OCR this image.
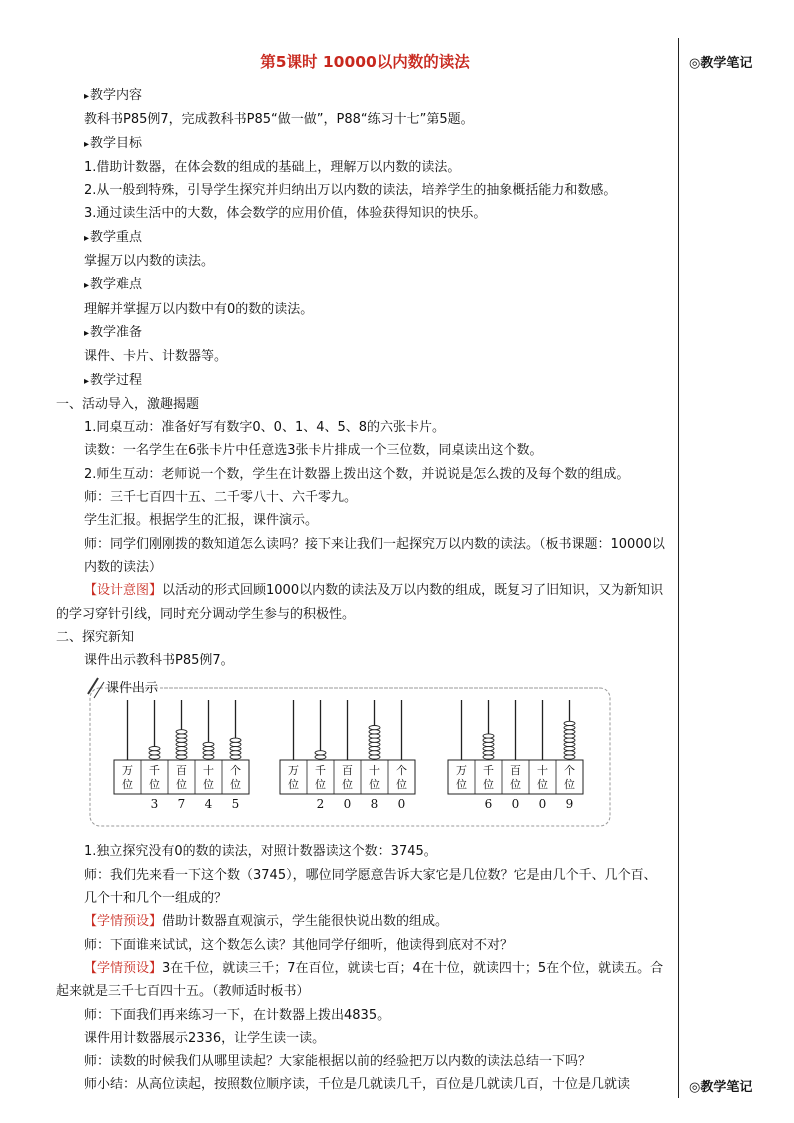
第5课时 10000以内数的读法	◎教学笔记
◎教学笔记

▸ 教学内容

教科书P85例7，完成教科书P85“做一做”，P88“练习十七”第5题。

▸ 教学目标

1.借助计数器，在体会数的组成的基础上，理解万以内数的读法。

2.从一般到特殊，引导学生探究并归纳出万以内数的读法，培养学生的抽象概括能力和数感。

3.通过读生活中的大数，体会数学的应用价值，体验获得知识的快乐。

▸ 教学重点

掌握万以内数的读法。

▸ 教学难点

理解并掌握万以内数中有0的数的读法。

▸ 教学准备

课件、卡片、计数器等。

▸ 教学过程

一、活动导入，激趣揭题

1.同桌互动：准备好写有数字0、0、1、4、5、8的六张卡片。

读数：一名学生在6张卡片中任意选3张卡片排成一个三位数，同桌读出这个数。

2.师生互动：老师说一个数，学生在计数器上拨出这个数，并说说是怎么拨的及每个数的组成。

师：三千七百四十五、二千零八十、六千零九。

学生汇报。根据学生的汇报，课件演示。

师：同学们刚刚拨的数知道怎么读吗？接下来让我们一起探究万以内数的读法。（板书课题：10000以内数的读法）

【设计意图】以活动的形式回顾1000以内数的读法及万以内数的组成，既复习了旧知识，又为新知识的学习穿针引线，同时充分调动学生参与的积极性。

二、探究新知

课件出示教科书P85例7。

课件出示
万
位
千
位
3
百
位
7
十
位
4
个
位
5
万
位
千
位
2
百
位
0
十
位
8
个
位
0
万
位
千
位
6
百
位
0
十
位
0
个
位
9

1.独立探究没有0的数的读法，对照计数器读这个数：3745。

师：我们先来看一下这个数（3745），哪位同学愿意告诉大家它是几位数？它是由几个千、几个百、几个十和几个一组成的？

【学情预设】借助计数器直观演示，学生能很快说出数的组成。

师：下面谁来试试，这个数怎么读？其他同学仔细听，他读得到底对不对？

【学情预设】3在千位，就读三千；7在百位，就读七百；4在十位，就读四十；5在个位，就读五。合起来就是三千七百四十五。（教师适时板书）

师：下面我们再来练习一下，在计数器上拨出4835。

课件用计数器展示2336，让学生读一读。

师：读数的时候我们从哪里读起？大家能根据以前的经验把万以内数的读法总结一下吗？

师小结：从高位读起，按照数位顺序读，千位是几就读几千，百位是几就读几百，十位是几就读
